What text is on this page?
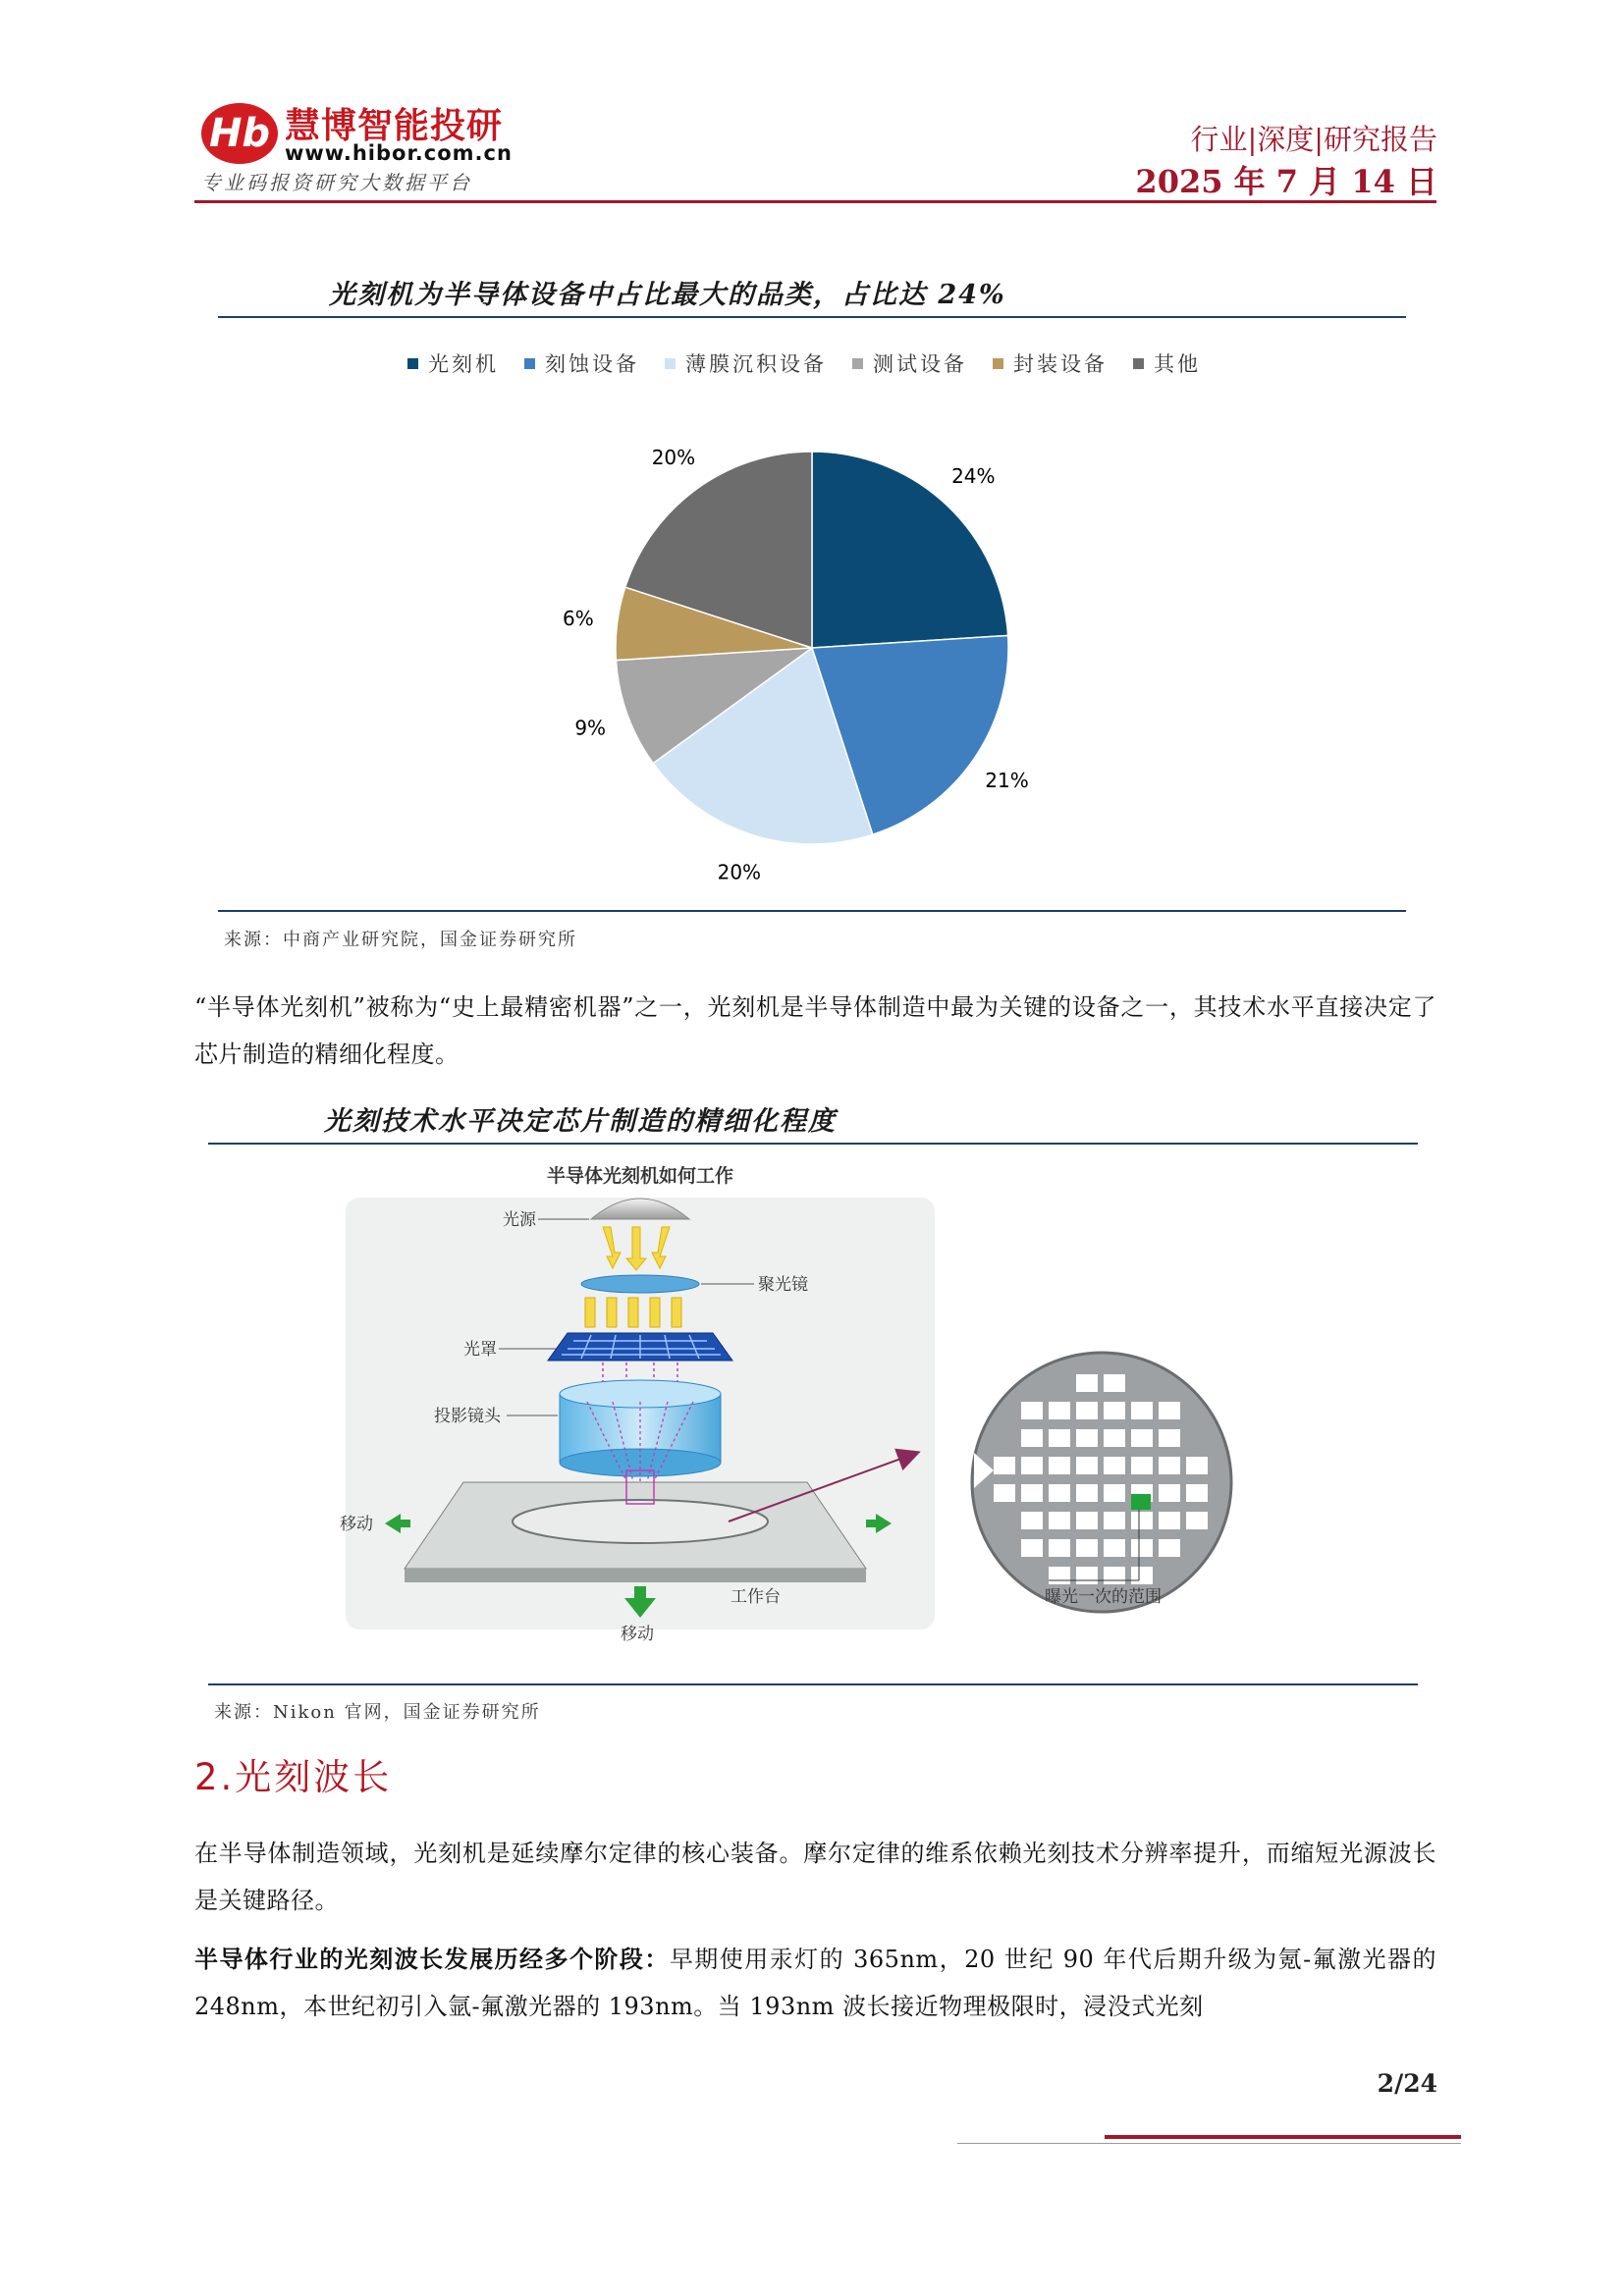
Hb 慧博智能投研
www.hibor.com.cn
专业码报资研究大数据平台
行业|深度|研究报告
2025 年 7 月 14 日
光刻机为半导体设备中占比最大的品类，占比达 24%
光刻机 刻蚀设备 薄膜沉积设备 测试设备 封装设备 其他
24%
21%
20%
9%
6%
20%
来源：中商产业研究院，国金证券研究所
“半导体光刻机”被称为“史上最精密机器”之一，光刻机是半导体制造中最为关键的设备之一，其技术水平直接决定了芯片制造的精细化程度。
光刻技术水平决定芯片制造的精细化程度
半导体光刻机如何工作
光源
聚光镜
光罩
投影镜头
移动
移动
工作台	曝光一次的范围
来源：Nikon 官网，国金证券研究所
2.光刻波长
在半导体制造领域，光刻机是延续摩尔定律的核心装备。摩尔定律的维系依赖光刻技术分辨率提升，而缩短光源波长是关键路径。
半导体行业的光刻波长发展历经多个阶段：早期使用汞灯的 365nm，20 世纪 90 年代后期升级为氪-氟激光器的 248nm，本世纪初引入氩-氟激光器的 193nm。当 193nm 波长接近物理极限时，浸没式光刻
2/24
